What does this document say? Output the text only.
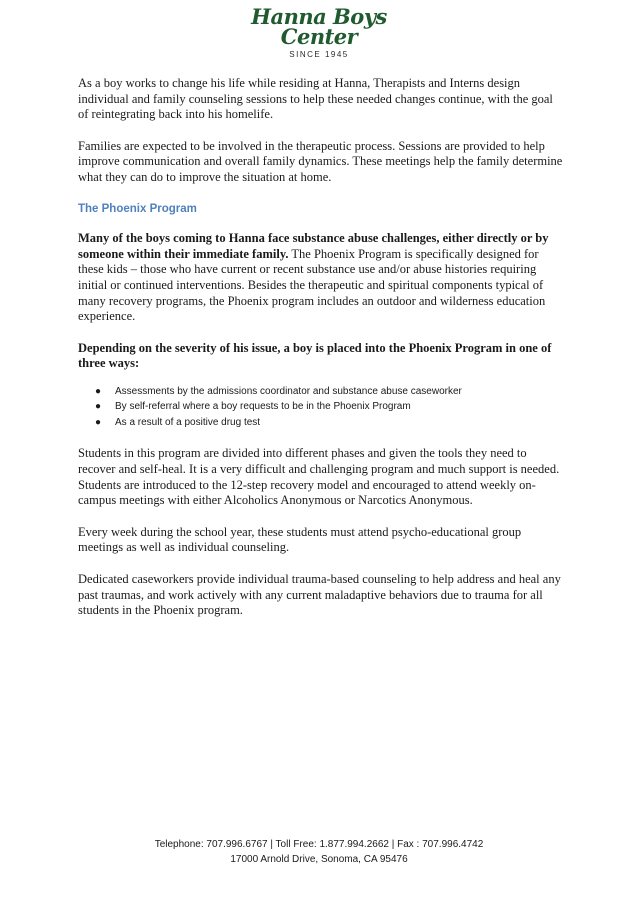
Hanna Boys
Center
SINCE 1945

As a boy works to change his life while residing at Hanna, Therapists and Interns design individual and family counseling sessions to help these needed changes continue, with the goal of reintegrating back into his homelife.

Families are expected to be involved in the therapeutic process. Sessions are provided to help improve communication and overall family dynamics. These meetings help the family determine what they can do to improve the situation at home.

The Phoenix Program

Many of the boys coming to Hanna face substance abuse challenges, either directly or by someone within their immediate family. The Phoenix Program is specifically designed for these kids – those who have current or recent substance use and/or abuse histories requiring initial or continued interventions. Besides the therapeutic and spiritual components typical of many recovery programs, the Phoenix program includes an outdoor and wilderness education experience.

Depending on the severity of his issue, a boy is placed into the Phoenix Program in one of three ways:

● Assessments by the admissions coordinator and substance abuse caseworker
● By self-referral where a boy requests to be in the Phoenix Program
● As a result of a positive drug test

Students in this program are divided into different phases and given the tools they need to recover and self-heal. It is a very difficult and challenging program and much support is needed. Students are introduced to the 12-step recovery model and encouraged to attend weekly on-campus meetings with either Alcoholics Anonymous or Narcotics Anonymous.

Every week during the school year, these students must attend psycho-educational group meetings as well as individual counseling.

Dedicated caseworkers provide individual trauma-based counseling to help address and heal any past traumas, and work actively with any current maladaptive behaviors due to trauma for all students in the Phoenix program.

Telephone: 707.996.6767 | Toll Free: 1.877.994.2662 | Fax : 707.996.4742
17000 Arnold Drive, Sonoma, CA 95476
